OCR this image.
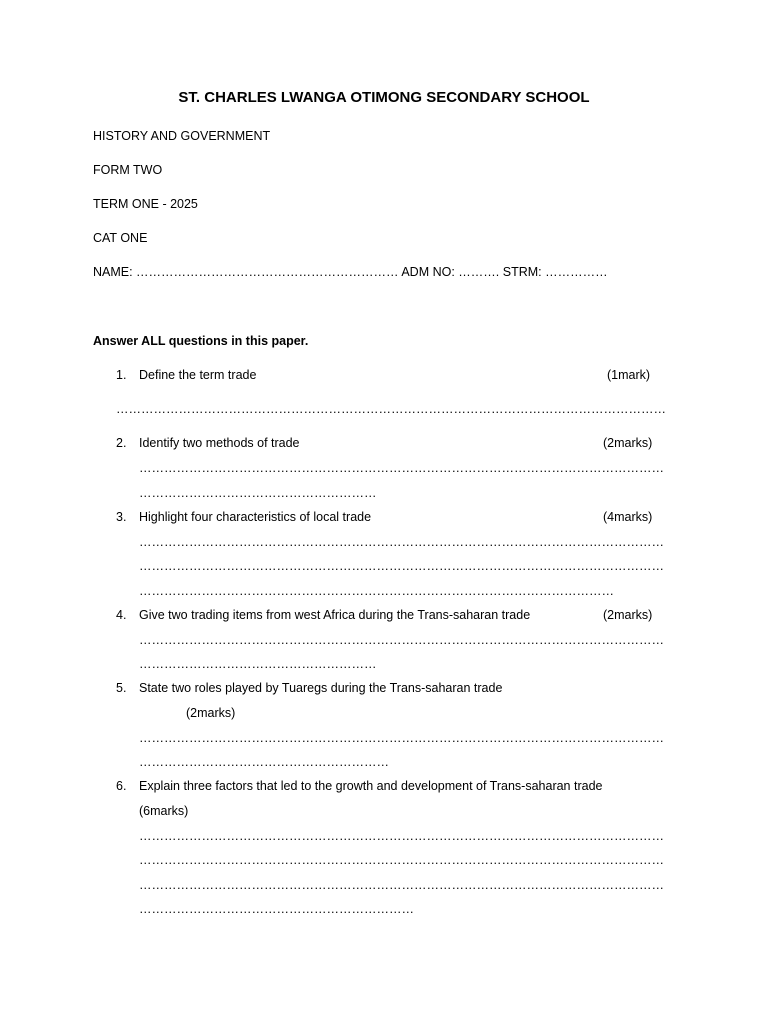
ST. CHARLES LWANGA OTIMONG SECONDARY SCHOOL
HISTORY AND GOVERNMENT
FORM TWO
TERM ONE - 2025
CAT ONE
NAME: ……………………………………………………… ADM NO: ………. STRM: ……………
Answer ALL questions in this paper.
1. Define the term trade	(1mark)
……………………………………………………………………………………………………………………
2. Identify two methods of trade	(2marks)
………………………………………………………………………………………………………………
…………………………………………………
3. Highlight four characteristics of local trade	(4marks)
………………………………………………………………………………………………………………
………………………………………………………………………………………………………………
……………………………………………………………………………………………………
4. Give two trading items from west Africa during the Trans-saharan trade	(2marks)
………………………………………………………………………………………………………………
…………………………………………………
5. State two roles played by Tuaregs during the Trans-saharan trade
(2marks)
………………………………………………………………………………………………………………
……………………………………………………
6. Explain three factors that led to the growth and development of Trans-saharan trade
(6marks)
………………………………………………………………………………………………………………
………………………………………………………………………………………………………………
………………………………………………………………………………………………………………
…………………………………………………………
